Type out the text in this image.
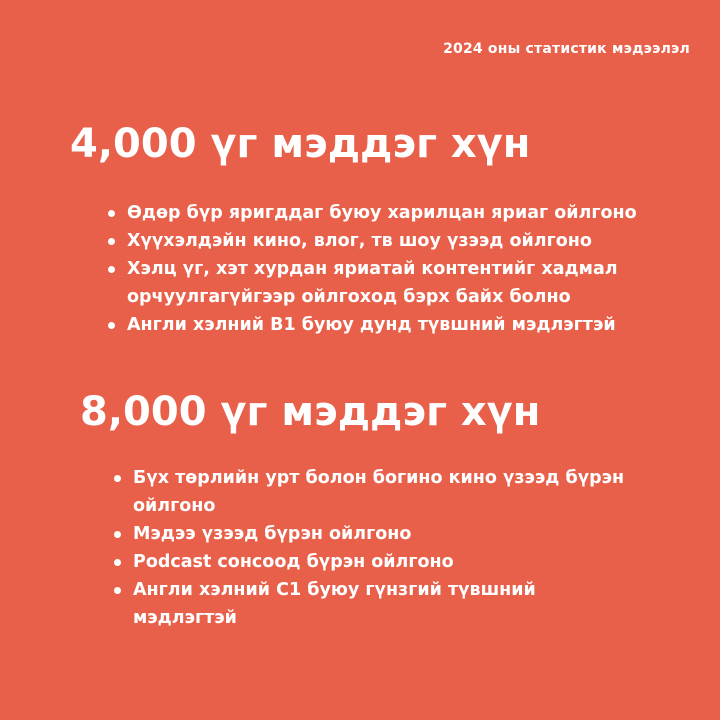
2024 оны статистик мэдээлэл
4,000 үг мэддэг хүн
Өдөр бүр яригддаг буюу харилцан яриаг ойлгоно
Хүүхэлдэйн кино, влог, тв шоу үзээд ойлгоно
Хэлц үг, хэт хурдан яриатай контентийг хадмал
орчуулгагүйгээр ойлгоход бэрх байх болно
Англи хэлний B1 буюу дунд түвшний мэдлэгтэй
8,000 үг мэддэг хүн
Бүх төрлийн урт болон богино кино үзээд бүрэн
ойлгоно
Мэдээ үзээд бүрэн ойлгоно
Podcast сонсоод бүрэн ойлгоно
Англи хэлний C1 буюу гүнзгий түвшний
мэдлэгтэй
